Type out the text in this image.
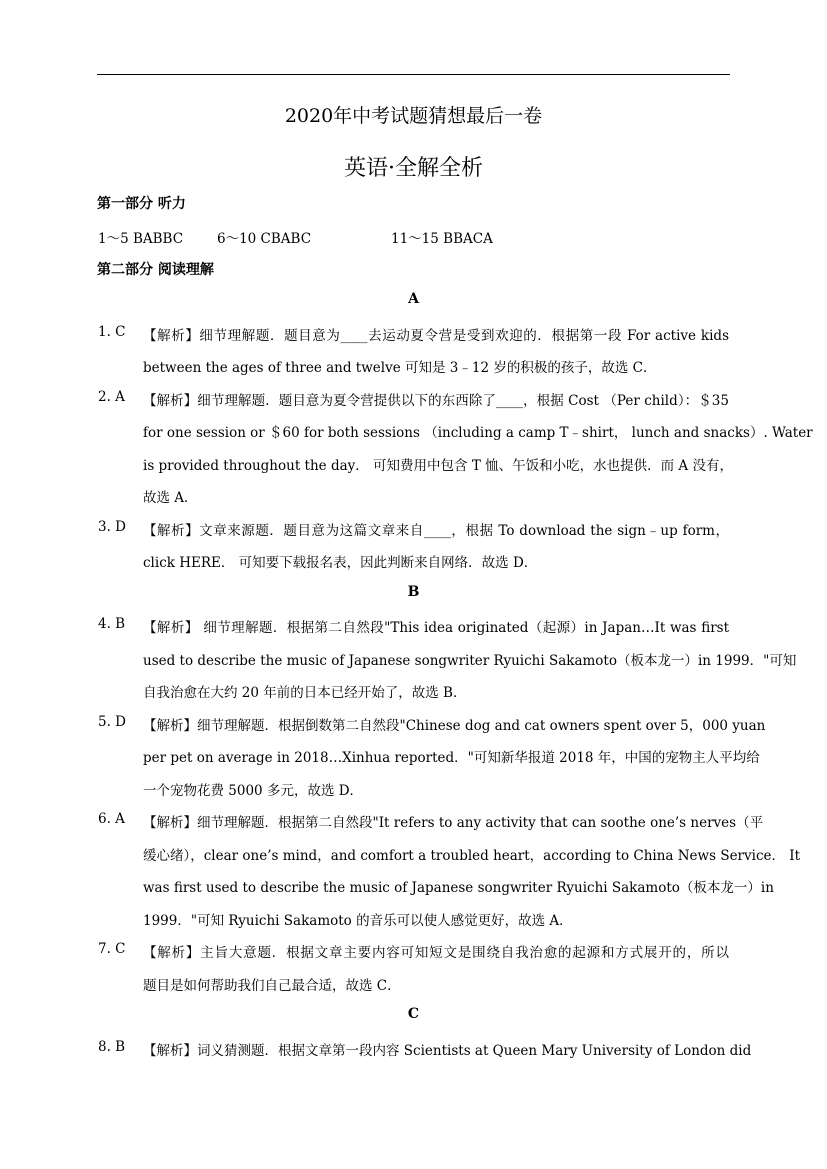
2020年中考试题猜想最后一卷
英语·全解全析
第一部分 听力
1～5 BABBC	6～10 CBABC	11～15 BBACA
第二部分 阅读理解
A
1. C 【解析】细节理解题．题目意为____去运动夏令营是受到欢迎的．根据第一段 For active kids
between the ages of three and twelve 可知是 3﹣12 岁的积极的孩子，故选 C．
2. A 【解析】细节理解题．题目意为夏令营提供以下的东西除了____，根据 Cost （Per child）：＄35
for one session or ＄60 for both sessions （including a camp T﹣shirt， lunch and snacks）. Water
is provided throughout the day． 可知费用中包含 T 恤、午饭和小吃，水也提供．而 A 没有，
故选 A．
3. D 【解析】文章来源题．题目意为这篇文章来自____，根据 To download the sign﹣up form，
click HERE． 可知要下载报名表，因此判断来自网络．故选 D．
B
4. B 【解析】 细节理解题．根据第二自然段"This idea originated（起源）in Japan…It was first
used to describe the music of Japanese songwriter Ryuichi Sakamoto（板本龙一）in 1999．"可知
自我治愈在大约 20 年前的日本已经开始了，故选 B．
5. D 【解析】细节理解题．根据倒数第二自然段"Chinese dog and cat owners spent over 5，000 yuan
per pet on average in 2018…Xinhua reported．"可知新华报道 2018 年，中国的宠物主人平均给
一个宠物花费 5000 多元，故选 D．
6. A 【解析】细节理解题．根据第二自然段"It refers to any activity that can soothe one’s nerves（平
缓心绪），clear one’s mind，and comfort a troubled heart，according to China News Service． It
was first used to describe the music of Japanese songwriter Ryuichi Sakamoto（板本龙一）in
1999．"可知 Ryuichi Sakamoto 的音乐可以使人感觉更好，故选 A．
7. C 【解析】主旨大意题．根据文章主要内容可知短文是围绕自我治愈的起源和方式展开的，所以
题目是如何帮助我们自己最合适，故选 C．
C
8. B 【解析】词义猜测题．根据文章第一段内容 Scientists at Queen Mary University of London did
